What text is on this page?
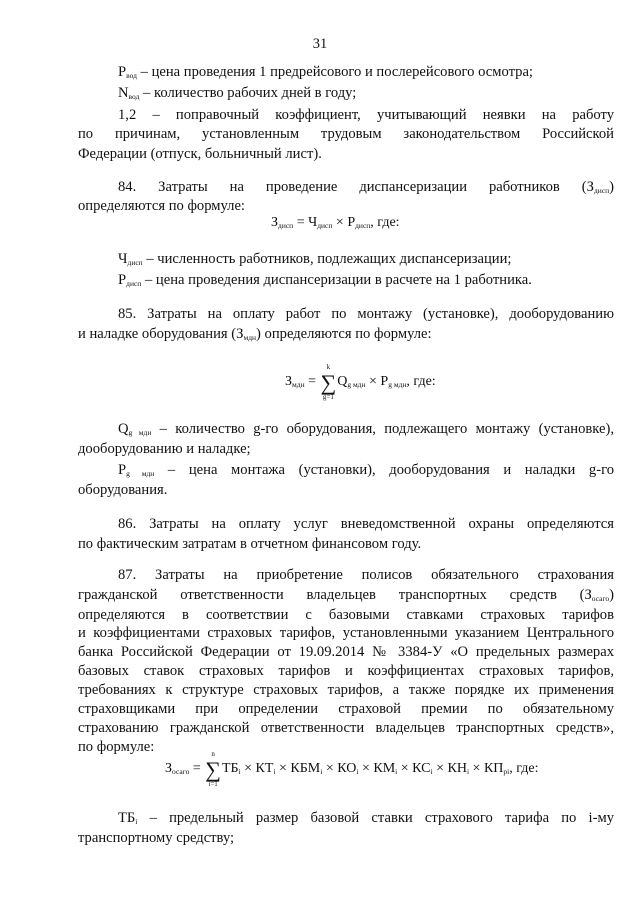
31
$P_{вод}$ – цена проведения 1 предрейсового и послерейсового осмотра;
$N_{вод}$ – количество рабочих дней в году;
1,2 – поправочный коэффициент, учитывающий неявки на работу
по причинам, установленным трудовым законодательством Российской
Федерации (отпуск, больничный лист).
84. Затраты на проведение диспансеризации работников $(З_{дисп})$
определяются по формуле:
$З_{дисп} = Ч_{дисп} \times Р_{дисп}$, где:
$Ч_{дисп}$ – численность работников, подлежащих диспансеризации;
$Р_{дисп}$ – цена проведения диспансеризации в расчете на 1 работника.
85. Затраты на оплату работ по монтажу (установке), дооборудованию
и наладке оборудования $(З_{мдн})$ определяются по формуле:
$З_{мдн}$ = ∑
k
g=1
$Q_{g мдн} \times Р_{g мдн}$, где:
$Q_{g мдн}$ – количество g-го оборудования, подлежащего монтажу (установке),
дооборудованию и наладке;
$Р_{g мдн}$ – цена монтажа (установки), дооборудования и наладки g-го
оборудования.
86. Затраты на оплату услуг вневедомственной охраны определяются
по фактическим затратам в отчетном финансовом году.
87. Затраты на приобретение полисов обязательного страхования
гражданской ответственности владельцев транспортных средств $(З_{осаго})$
определяются в соответствии с базовыми ставками страховых тарифов
и коэффициентами страховых тарифов, установленными указанием Центрального
банка Российской Федерации от 19.09.2014 № 3384-У «О предельных размерах
базовых ставок страховых тарифов и коэффициентах страховых тарифов,
требованиях к структуре страховых тарифов, а также порядке их применения
страховщиками при определении страховой премии по обязательному
страхованию гражданской ответственности владельцев транспортных средств»,
по формуле:
$З_{осаго}$ = ∑
n
i=1
$ТБ_i \times КТ_i \times КБМ_i \times КО_i \times КМ_i \times КС_i \times КН_i \times КП_{pi}$, где:
$ТБ_i$ – предельный размер базовой ставки страхового тарифа по i-му
транспортному средству;
